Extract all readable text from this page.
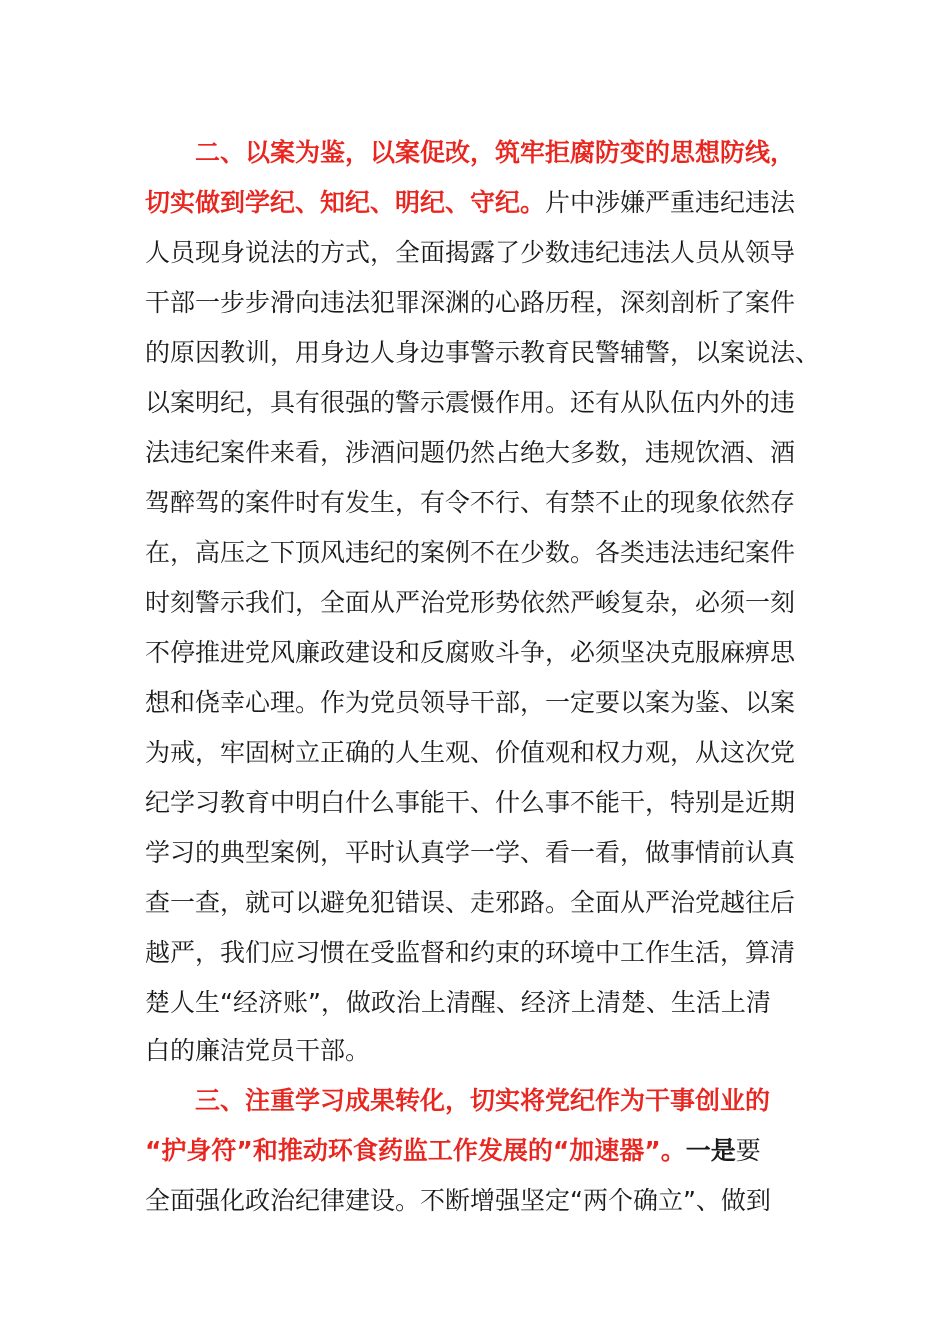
二、以案为鉴，以案促改，筑牢拒腐防变的思想防线，
切实做到学纪、知纪、明纪、守纪。片中涉嫌严重违纪违法
人员现身说法的方式，全面揭露了少数违纪违法人员从领导
干部一步步滑向违法犯罪深渊的心路历程，深刻剖析了案件
的原因教训，用身边人身边事警示教育民警辅警，以案说法、
以案明纪，具有很强的警示震慑作用。还有从队伍内外的违
法违纪案件来看，涉酒问题仍然占绝大多数，违规饮酒、酒
驾醉驾的案件时有发生，有令不行、有禁不止的现象依然存
在，高压之下顶风违纪的案例不在少数。各类违法违纪案件
时刻警示我们，全面从严治党形势依然严峻复杂，必须一刻
不停推进党风廉政建设和反腐败斗争，必须坚决克服麻痹思
想和侥幸心理。作为党员领导干部，一定要以案为鉴、以案
为戒，牢固树立正确的人生观、价值观和权力观，从这次党
纪学习教育中明白什么事能干、什么事不能干，特别是近期
学习的典型案例，平时认真学一学、看一看，做事情前认真
查一查，就可以避免犯错误、走邪路。全面从严治党越往后
越严，我们应习惯在受监督和约束的环境中工作生活，算清
楚人生“经济账”，做政治上清醒、经济上清楚、生活上清
白的廉洁党员干部。
三、注重学习成果转化，切实将党纪作为干事创业的
“护身符”和推动环食药监工作发展的“加速器”。一是要
全面强化政治纪律建设。不断增强坚定“两个确立”、做到
